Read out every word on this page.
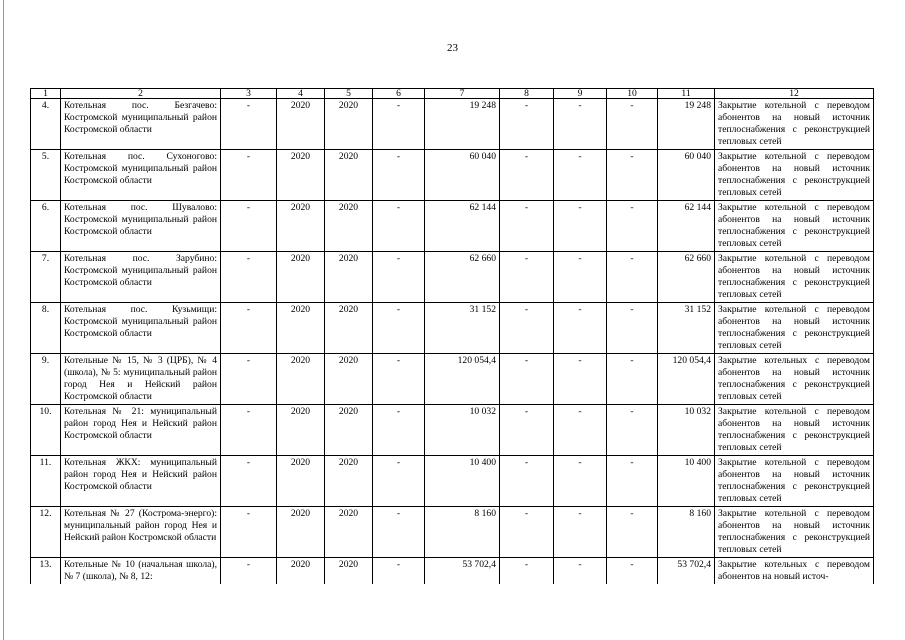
23
1	2	3	4	5	6	7	8	9	10	11	12
4.	Котельная пос. Безгачево: Костромской муниципальный район Костромской области	-	2020	2020	-	19 248	-	-	-	19 248	Закрытие котельной с переводом абонентов на новый источник теплоснабжения с реконструкцией тепловых сетей
5.	Котельная пос. Сухоногово: Костромской муниципальный район Костромской области	-	2020	2020	-	60 040	-	-	-	60 040	Закрытие котельной с переводом абонентов на новый источник теплоснабжения с реконструкцией тепловых сетей
6.	Котельная пос. Шувалово: Костромской муниципальный район Костромской области	-	2020	2020	-	62 144	-	-	-	62 144	Закрытие котельной с переводом абонентов на новый источник теплоснабжения с реконструкцией тепловых сетей
7.	Котельная пос. Зарубино: Костромской муниципальный район Костромской области	-	2020	2020	-	62 660	-	-	-	62 660	Закрытие котельной с переводом абонентов на новый источник теплоснабжения с реконструкцией тепловых сетей
8.	Котельная пос. Кузьмищи: Костромской муниципальный район Костромской области	-	2020	2020	-	31 152	-	-	-	31 152	Закрытие котельной с переводом абонентов на новый источник теплоснабжения с реконструкцией тепловых сетей
9.	Котельные № 15, № 3 (ЦРБ), № 4 (школа), № 5: муниципальный район город Нея и Нейский район Костромской области	-	2020	2020	-	120 054,4	-	-	-	120 054,4	Закрытие котельных с переводом абонентов на новый источник теплоснабжения с реконструкцией тепловых сетей
10.	Котельная № 21: муниципальный район город Нея и Нейский район Костромской области	-	2020	2020	-	10 032	-	-	-	10 032	Закрытие котельной с переводом абонентов на новый источник теплоснабжения с реконструкцией тепловых сетей
11.	Котельная ЖКХ: муниципальный район город Нея и Нейский район Костромской области	-	2020	2020	-	10 400	-	-	-	10 400	Закрытие котельной с переводом абонентов на новый источник теплоснабжения с реконструкцией тепловых сетей
12.	Котельная № 27 (Кострома-энерго): муниципальный район город Нея и Нейский район Костромской области	-	2020	2020	-	8 160	-	-	-	8 160	Закрытие котельной с переводом абонентов на новый источник теплоснабжения с реконструкцией тепловых сетей
13.	Котельные № 10 (начальная школа), № 7 (школа), № 8, 12:	-	2020	2020	-	53 702,4	-	-	-	53 702,4	Закрытие котельных с переводом абонентов на новый источ-
